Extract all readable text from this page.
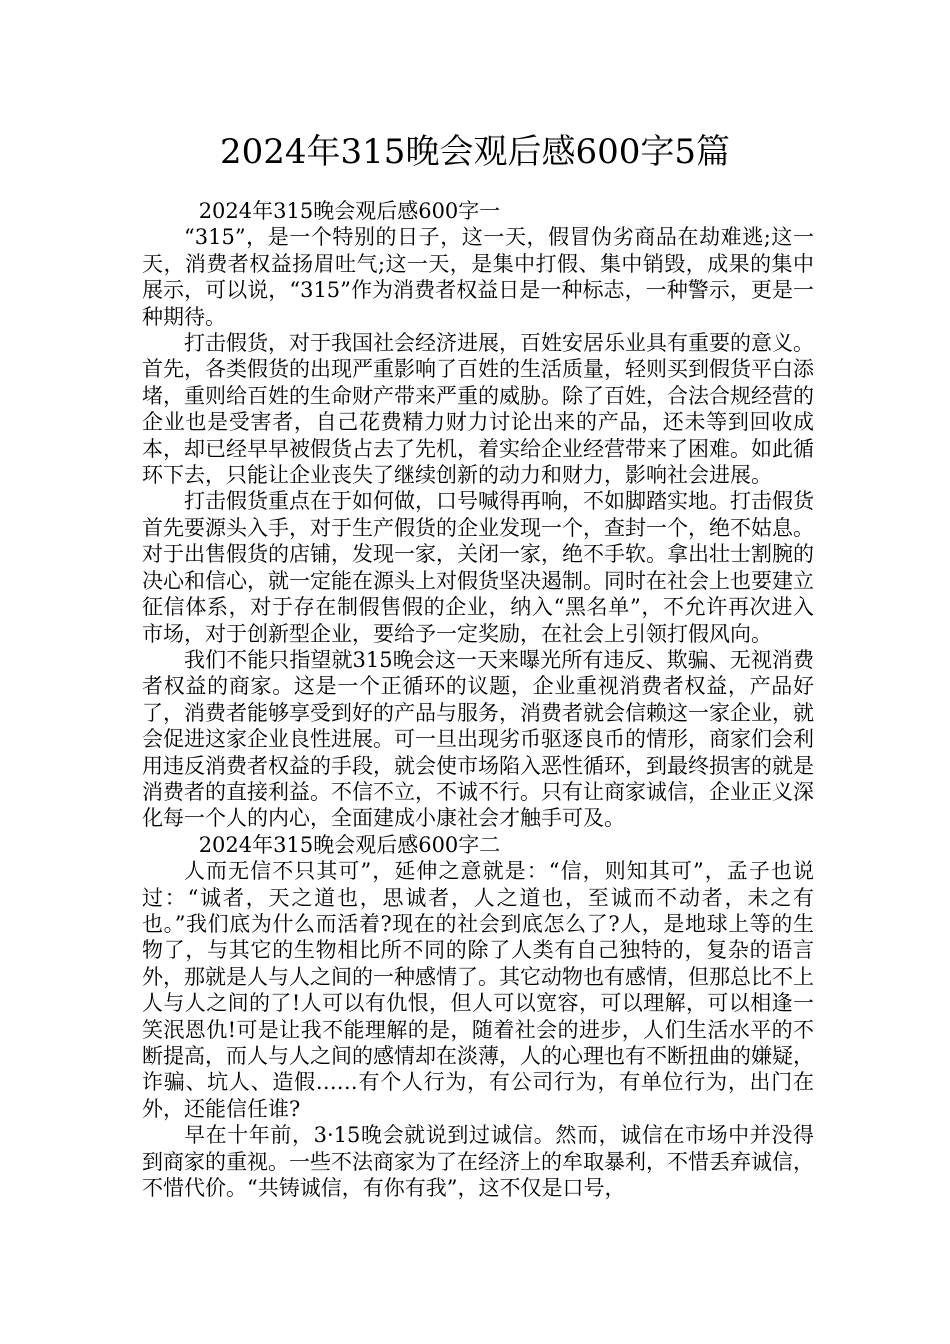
2024年315晚会观后感600字5篇

2024年315晚会观后感600字一

“315”，是一个特别的日子，这一天，假冒伪劣商品在劫难逃;这一天，消费者权益扬眉吐气;这一天，是集中打假、集中销毁，成果的集中展示，可以说，“315”作为消费者权益日是一种标志，一种警示，更是一种期待。

打击假货，对于我国社会经济进展，百姓安居乐业具有重要的意义。首先，各类假货的出现严重影响了百姓的生活质量，轻则买到假货平白添堵，重则给百姓的生命财产带来严重的威胁。除了百姓，合法合规经营的企业也是受害者，自己花费精力财力讨论出来的产品，还未等到回收成本，却已经早早被假货占去了先机，着实给企业经营带来了困难。如此循环下去，只能让企业丧失了继续创新的动力和财力，影响社会进展。

打击假货重点在于如何做，口号喊得再响，不如脚踏实地。打击假货首先要源头入手，对于生产假货的企业发现一个，查封一个，绝不姑息。对于出售假货的店铺，发现一家，关闭一家，绝不手软。拿出壮士割腕的决心和信心，就一定能在源头上对假货坚决遏制。同时在社会上也要建立征信体系，对于存在制假售假的企业，纳入“黑名单”，不允许再次进入市场，对于创新型企业，要给予一定奖励，在社会上引领打假风向。

我们不能只指望就315晚会这一天来曝光所有违反、欺骗、无视消费者权益的商家。这是一个正循环的议题，企业重视消费者权益，产品好了，消费者能够享受到好的产品与服务，消费者就会信赖这一家企业，就会促进这家企业良性进展。可一旦出现劣币驱逐良币的情形，商家们会利用违反消费者权益的手段，就会使市场陷入恶性循环，到最终损害的就是消费者的直接利益。不信不立，不诚不行。只有让商家诚信，企业正义深化每一个人的内心，全面建成小康社会才触手可及。

2024年315晚会观后感600字二

人而无信不只其可”，延伸之意就是：“信，则知其可”，孟子也说过：“诚者，天之道也，思诚者，人之道也，至诚而不动者，未之有也。”我们底为什么而活着?现在的社会到底怎么了?人，是地球上等的生物了，与其它的生物相比所不同的除了人类有自己独特的，复杂的语言外，那就是人与人之间的一种感情了。其它动物也有感情，但那总比不上人与人之间的了!人可以有仇恨，但人可以宽容，可以理解，可以相逢一笑泯恩仇!可是让我不能理解的是，随着社会的进步，人们生活水平的不断提高，而人与人之间的感情却在淡薄，人的心理也有不断扭曲的嫌疑，诈骗、坑人、造假……有个人行为，有公司行为，有单位行为，出门在外，还能信任谁?

早在十年前，3·15晚会就说到过诚信。然而，诚信在市场中并没得到商家的重视。一些不法商家为了在经济上的牟取暴利，不惜丢弃诚信，不惜代价。“共铸诚信，有你有我”，这不仅是口号，
